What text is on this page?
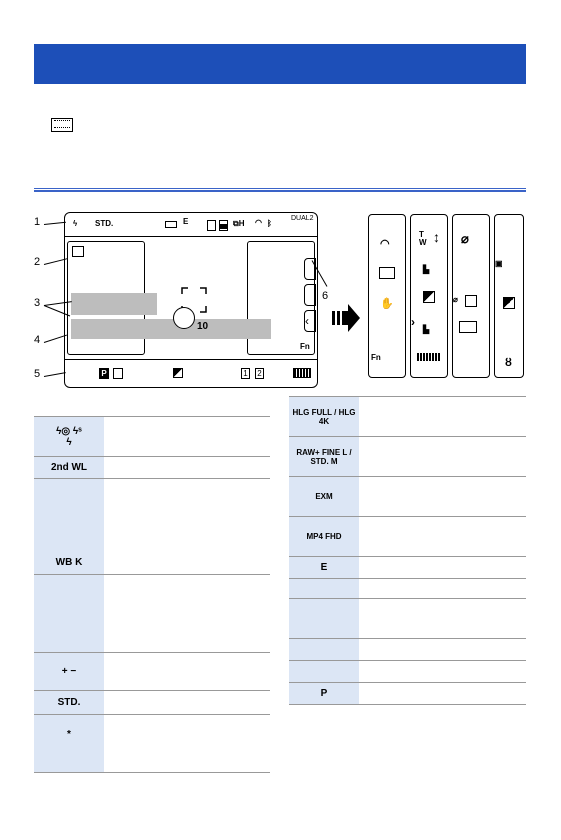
ϟ STD.	E	⧉H ◠ ᛒ
DUAL2
‹
Fn
10
P	1 2
1
2
3
4
5
6
◠
✋
Fn
T
W ↕
▙
›
▙
⌀
⌀
▣
ȣ
ϟ◎ ϟˢ
ϟ	
2nd WL	
WB K	

+ −	
STD.	
*	
HLG FULL / HLG 4K	
RAW+ FINE L / STD. M	
EXM	
MP4 FHD	
E	

P	
